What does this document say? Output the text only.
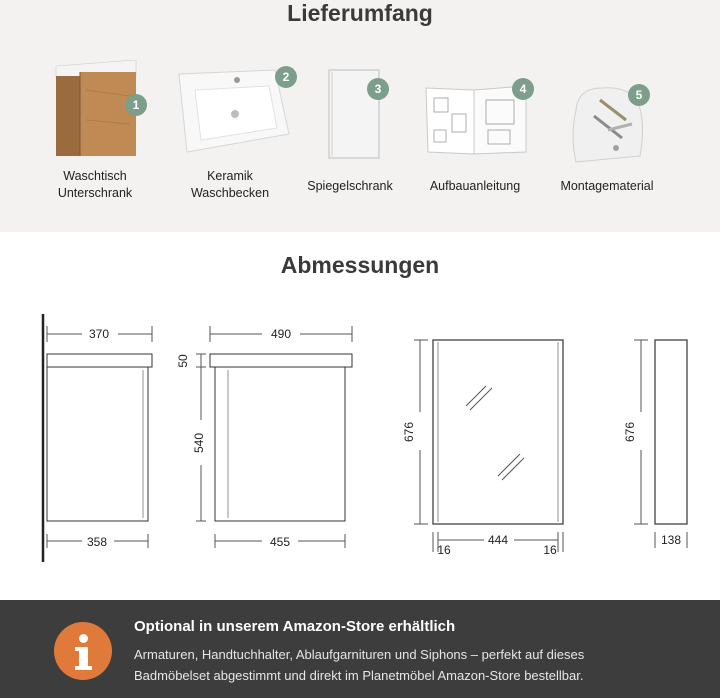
Lieferumfang
1
Waschtisch
Unterschrank
2
Keramik
Waschbecken
3
Spiegelschrank
4
Aufbauanleitung
5
Montagematerial
Abmessungen
370
358
490
50
540
455
676
444
16	16
676
138
Optional in unserem Amazon-Store erhältlich
Armaturen, Handtuchhalter, Ablaufgarnituren und Siphons – perfekt auf dieses
Badmöbelset abgestimmt und direkt im Planetmöbel Amazon-Store bestellbar.
